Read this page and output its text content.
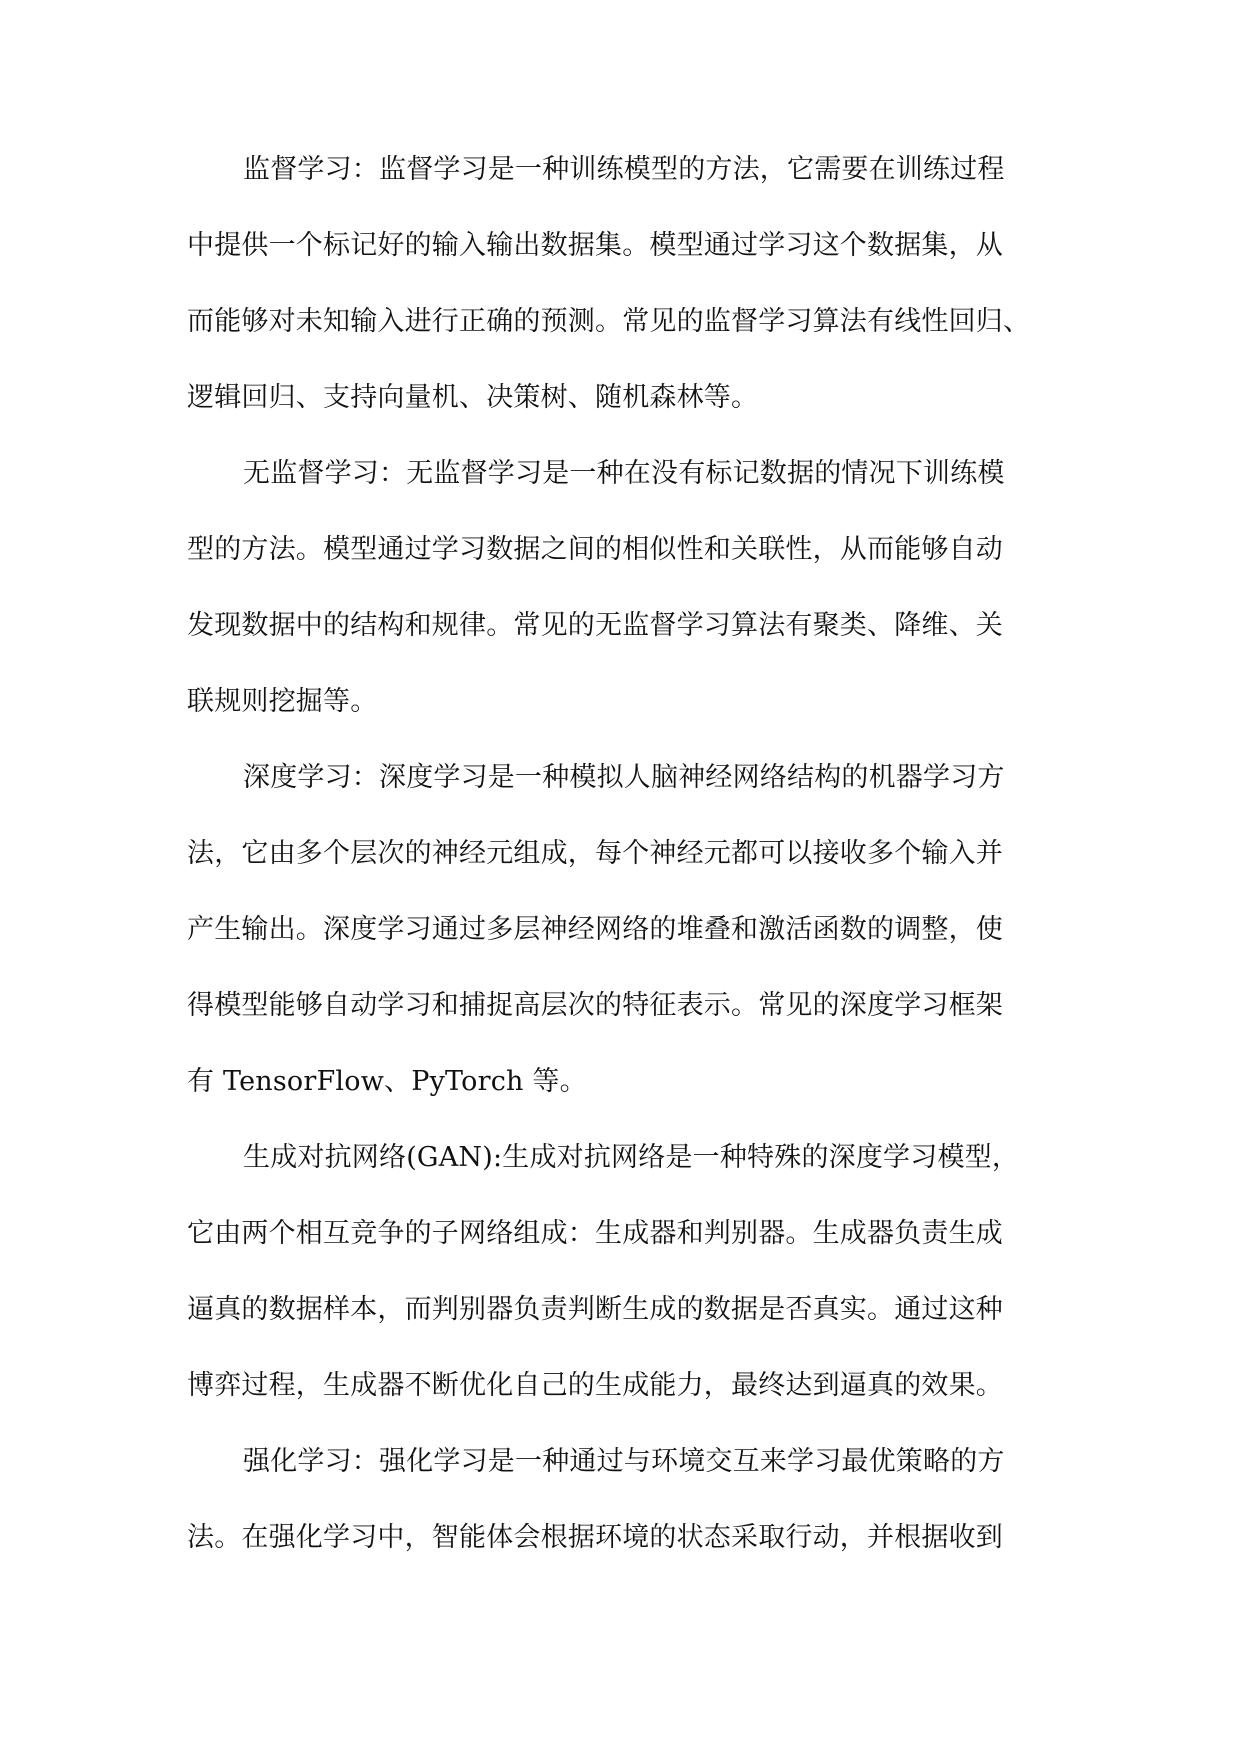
监督学习：监督学习是一种训练模型的方法，它需要在训练过程
中提供一个标记好的输入输出数据集。模型通过学习这个数据集，从
而能够对未知输入进行正确的预测。常见的监督学习算法有线性回归、
逻辑回归、支持向量机、决策树、随机森林等。
无监督学习：无监督学习是一种在没有标记数据的情况下训练模
型的方法。模型通过学习数据之间的相似性和关联性，从而能够自动
发现数据中的结构和规律。常见的无监督学习算法有聚类、降维、关
联规则挖掘等。
深度学习：深度学习是一种模拟人脑神经网络结构的机器学习方
法，它由多个层次的神经元组成，每个神经元都可以接收多个输入并
产生输出。深度学习通过多层神经网络的堆叠和激活函数的调整，使
得模型能够自动学习和捕捉高层次的特征表示。常见的深度学习框架
有 TensorFlow、PyTorch 等。
生成对抗网络(GAN):生成对抗网络是一种特殊的深度学习模型，
它由两个相互竞争的子网络组成：生成器和判别器。生成器负责生成
逼真的数据样本，而判别器负责判断生成的数据是否真实。通过这种
博弈过程，生成器不断优化自己的生成能力，最终达到逼真的效果。
强化学习：强化学习是一种通过与环境交互来学习最优策略的方
法。在强化学习中，智能体会根据环境的状态采取行动，并根据收到
